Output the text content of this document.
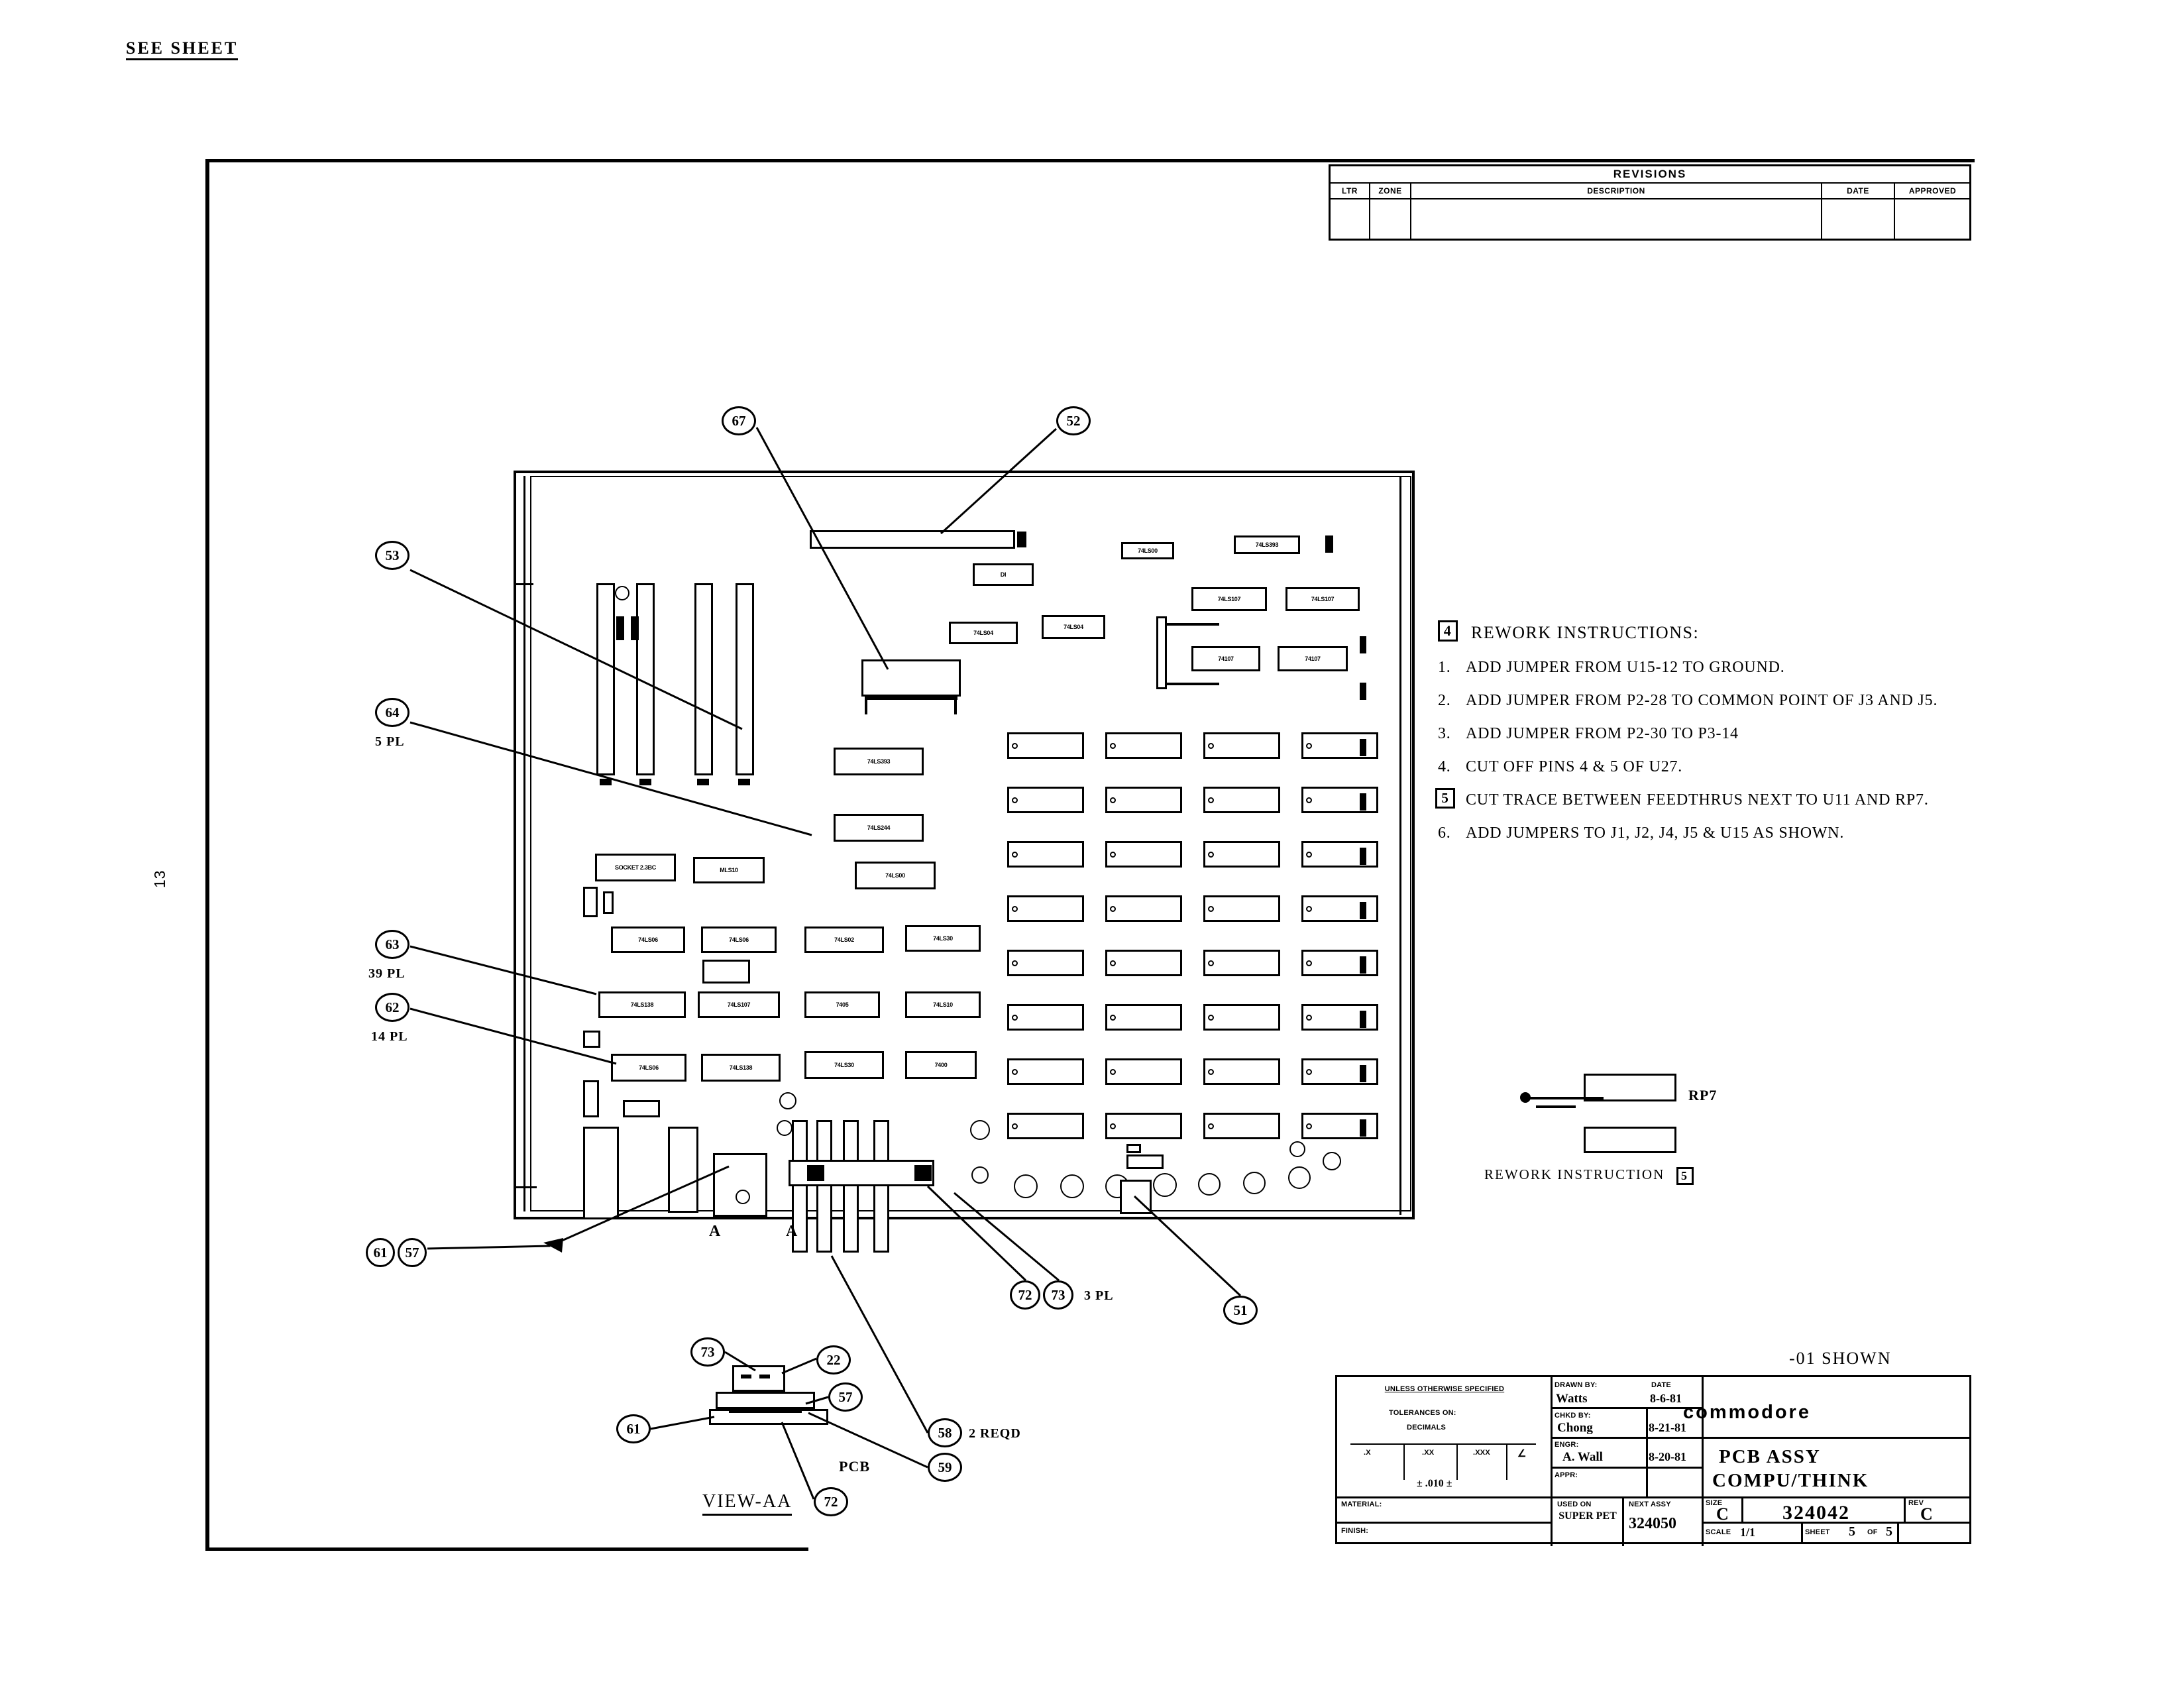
13
REVISIONS
LTR	ZONE	DESCRIPTION	DATE	APPROVED
SEE SHEET
74LS00
74LS393
DI
74LS107	74LS107
74LS04
74LS04
74107	74107
74LS393
74LS244
74LS00
SOCKET 2.3BC	MLS10
74LS06	74LS06	74LS02	74LS30
74LS138	74LS107	7405	74LS10
74LS06	74LS138	74LS30	7400
A	A
67	52
53
64
5 PL
63
39 PL
62
14 PL
61	57
72	73	3 PL
51
73	22
57
61	58	2 REQD
59
72
PCB
VIEW-AA
4	REWORK INSTRUCTIONS:
1. ADD JUMPER FROM U15-12 TO GROUND.
2. ADD JUMPER FROM P2-28 TO COMMON POINT OF J3 AND J5.
3. ADD JUMPER FROM P2-30 TO P3-14
4. CUT OFF PINS 4 & 5 OF U27.
5	CUT TRACE BETWEEN FEEDTHRUS NEXT TO U11 AND RP7.
6. ADD JUMPERS TO J1, J2, J4, J5 & U15 AS SHOWN.
RP7
REWORK INSTRUCTION 5
-01 SHOWN
UNLESS OTHERWISE SPECIFIED
TOLERANCES ON:
DECIMALS
.X	.XX	.XXX	∠
± .010 ±
MATERIAL:
FINISH:
DRAWN BY:	DATE
Watts	8-6-81
CHKD BY:
Chong	8-21-81
ENGR:
A. Wall	8-20-81
APPR:
USED ON	NEXT ASSY
SUPER PET 324050
PCB ASSY
COMPU/THINK
SIZE
C	324042	REV
C
SCALE 1/1	SHEET 5 OF 5
commodore
